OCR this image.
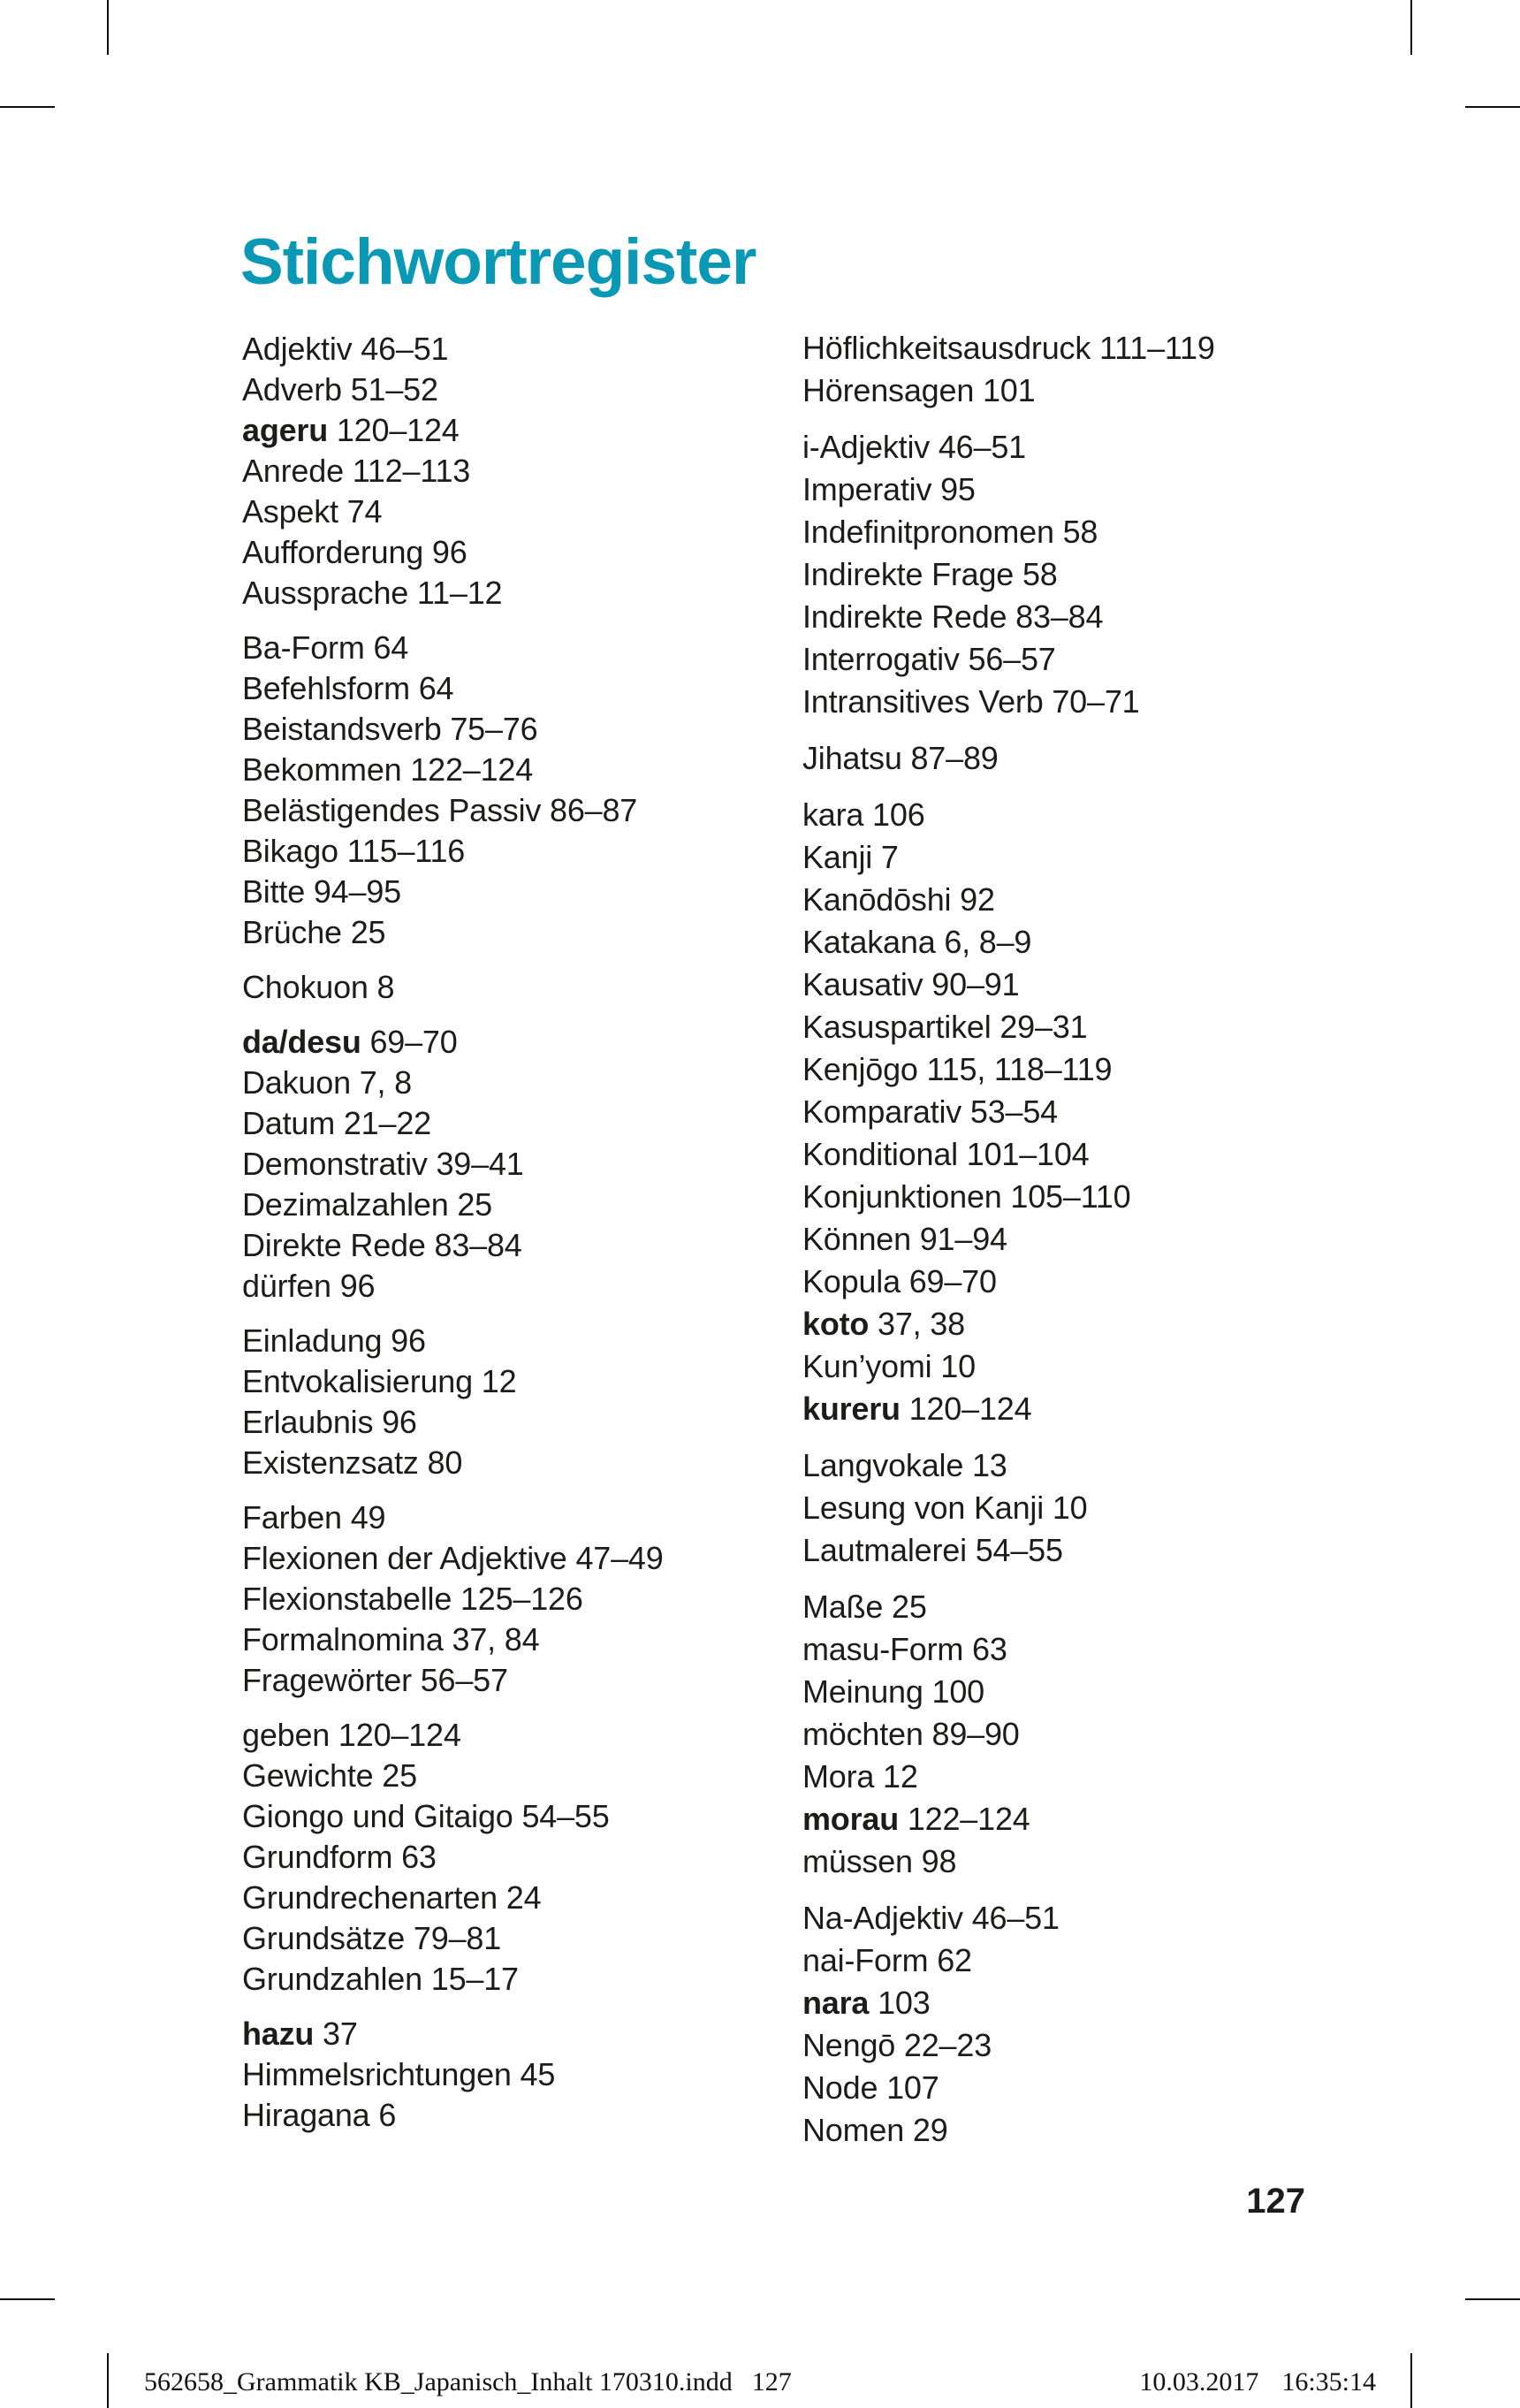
Stichwortregister
Adjektiv 46–51
Adverb 51–52
ageru 120–124
Anrede 112–113
Aspekt 74
Aufforderung 96
Aussprache 11–12
Ba-Form 64
Befehlsform 64
Beistandsverb 75–76
Bekommen 122–124
Belästigendes Passiv 86–87
Bikago 115–116
Bitte 94–95
Brüche 25
Chokuon 8
da/desu 69–70
Dakuon 7, 8
Datum 21–22
Demonstrativ 39–41
Dezimalzahlen 25
Direkte Rede 83–84
dürfen 96
Einladung 96
Entvokalisierung 12
Erlaubnis 96
Existenzsatz 80
Farben 49
Flexionen der Adjektive 47–49
Flexionstabelle 125–126
Formalnomina 37, 84
Fragewörter 56–57
geben 120–124
Gewichte 25
Giongo und Gitaigo 54–55
Grundform 63
Grundrechenarten 24
Grundsätze 79–81
Grundzahlen 15–17
hazu 37
Himmelsrichtungen 45
Hiragana 6
Höflichkeitsausdruck 111–119
Hörensagen 101
i-Adjektiv 46–51
Imperativ 95
Indefinitpronomen 58
Indirekte Frage 58
Indirekte Rede 83–84
Interrogativ 56–57
Intransitives Verb 70–71
Jihatsu 87–89
kara 106
Kanji 7
Kanōdōshi 92
Katakana 6, 8–9
Kausativ 90–91
Kasuspartikel 29–31
Kenjōgo 115, 118–119
Komparativ 53–54
Konditional 101–104
Konjunktionen 105–110
Können 91–94
Kopula 69–70
koto 37, 38
Kun’yomi 10
kureru 120–124
Langvokale 13
Lesung von Kanji 10
Lautmalerei 54–55
Maße 25
masu-Form 63
Meinung 100
möchten 89–90
Mora 12
morau 122–124
müssen 98
Na-Adjektiv 46–51
nai-Form 62
nara 103
Nengō 22–23
Node 107
Nomen 29
127
562658_Grammatik KB_Japanisch_Inhalt 170310.indd 127	10.03.2017 16:35:14
